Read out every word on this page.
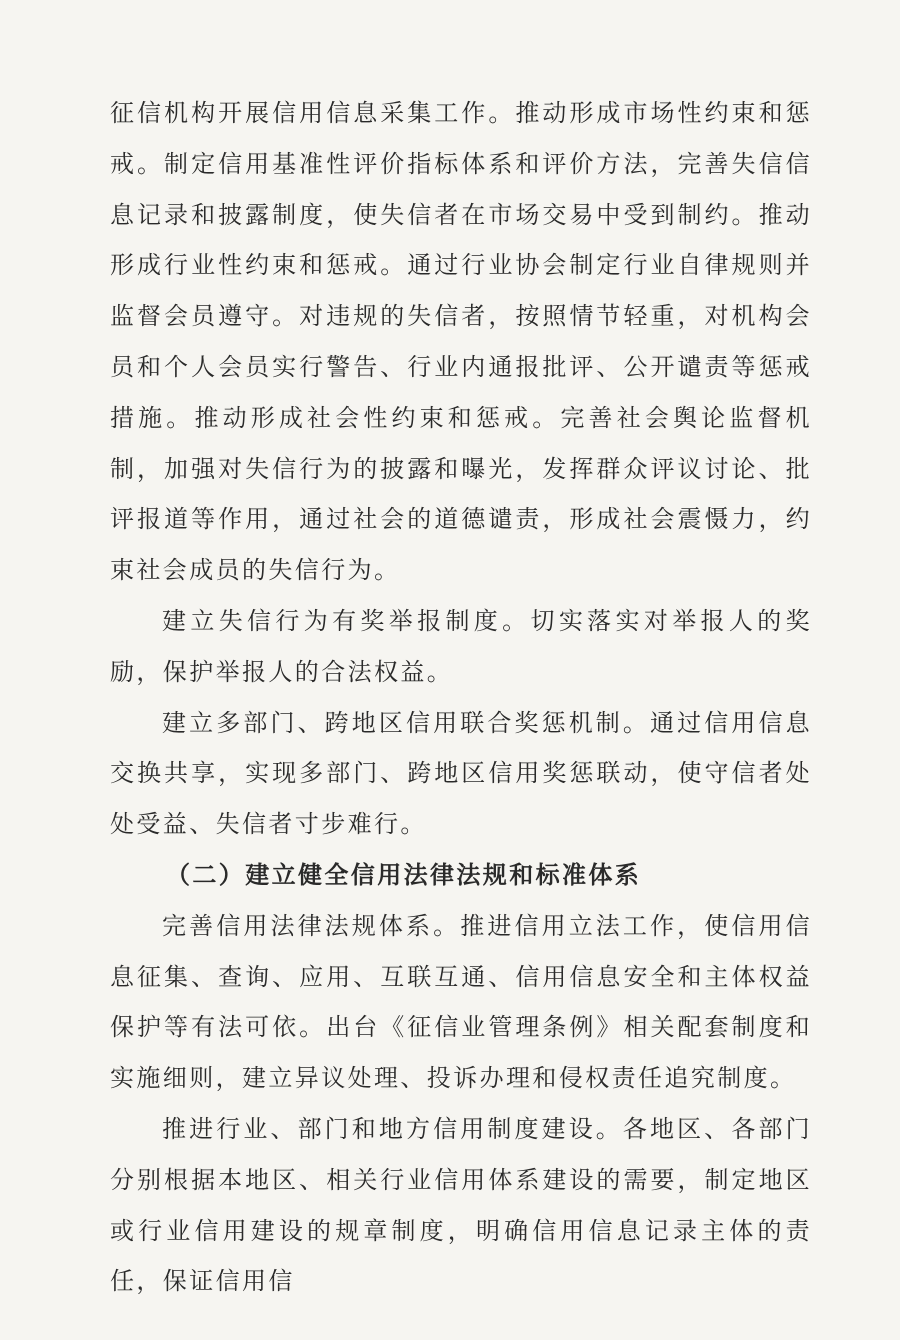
征信机构开展信用信息采集工作。推动形成市场性约束和惩戒。制定信用基准性评价指标体系和评价方法，完善失信信息记录和披露制度，使失信者在市场交易中受到制约。推动形成行业性约束和惩戒。通过行业协会制定行业自律规则并监督会员遵守。对违规的失信者，按照情节轻重，对机构会员和个人会员实行警告、行业内通报批评、公开谴责等惩戒措施。推动形成社会性约束和惩戒。完善社会舆论监督机制，加强对失信行为的披露和曝光，发挥群众评议讨论、批评报道等作用，通过社会的道德谴责，形成社会震慑力，约束社会成员的失信行为。

建立失信行为有奖举报制度。切实落实对举报人的奖励，保护举报人的合法权益。

建立多部门、跨地区信用联合奖惩机制。通过信用信息交换共享，实现多部门、跨地区信用奖惩联动，使守信者处处受益、失信者寸步难行。

（二）建立健全信用法律法规和标准体系

完善信用法律法规体系。推进信用立法工作，使信用信息征集、查询、应用、互联互通、信用信息安全和主体权益保护等有法可依。出台《征信业管理条例》相关配套制度和实施细则，建立异议处理、投诉办理和侵权责任追究制度。

推进行业、部门和地方信用制度建设。各地区、各部门分别根据本地区、相关行业信用体系建设的需要，制定地区或行业信用建设的规章制度，明确信用信息记录主体的责任，保证信用信
